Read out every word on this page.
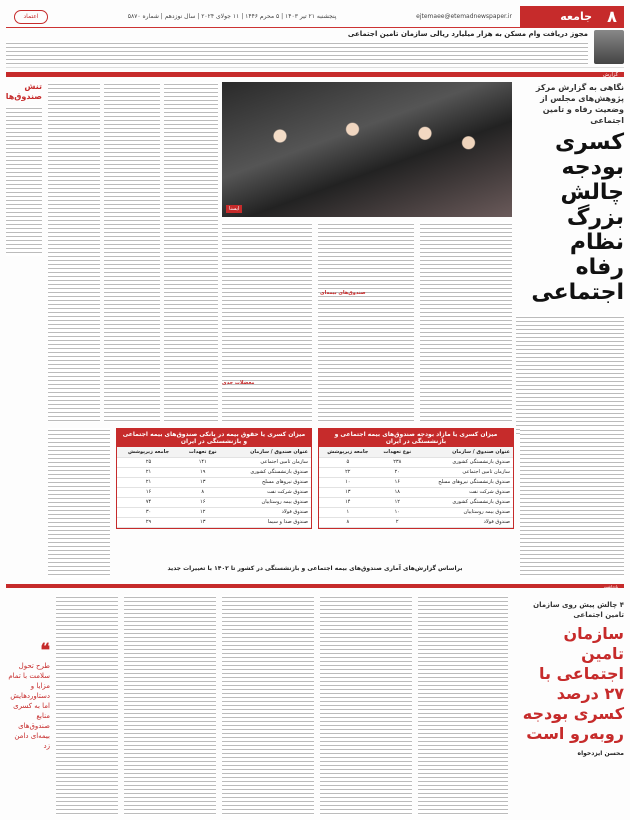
۸
جامعه
ejtemaee@etemadnewspaper.ir
پنجشنبه ۲۱ تیر ۱۴۰۳ | ۵ محرم ۱۴۴۶ | ۱۱ جولای ۲۰۲۴ | سال نوزدهم | شماره ۵۸۷۰
اعتماد
مجوز دریافت وام مسکن به هزار میلیارد ریالی سازمان تامین اجتماعی
گزارش
ایسنا
نگاهی به گزارش مرکز پژوهش‌های مجلس از وضعیت رفاه و تامین اجتماعی
کسری بودجه چالش بزرگ نظام رفاه اجتماعی
تنش صندوق‌ها
میزان کسری یا مازاد بودجه صندوق‌های بیمه اجتماعی و بازنشستگی در ایران
عنوان صندوق / سازمان	نوع تعهدات	جامعه زیرپوشش
صندوق بازنشستگی کشوری	۲۳۸	۵
سازمان تامین اجتماعی	۲۰	۲۲
صندوق بازنشستگی نیروهای مسلح	۱۶	۱۰
صندوق شرکت نفت	۱۸	۱۳
صندوق بازنشستگی کشوری	۱۲	۱۴
صندوق بیمه روستاییان	۱۰	۱
صندوق فولاد	۲	۸
میزان کسری یا حقوق بیمه در بانکی صندوق‌های بیمه اجتماعی و بازنشستگی در ایران
عنوان صندوق / سازمان	نوع تعهدات	جامعه زیرپوشش
سازمان تامین اجتماعی	۱۴۱	۲۵
صندوق بازنشستگی کشوری	۱۹	۲۱
صندوق نیروهای مسلح	۱۳	۲۱
صندوق شرکت نفت	۸	۱۶
صندوق بیمه روستاییان	۱۶	۷۴
صندوق فولاد	۱۲	۳۰
صندوق صدا و سیما	۱۳	۲۹
براساس گزارش‌های آماری صندوق‌های بیمه اجتماعی و بازنشستگی در کشور تا ۱۴۰۲ با تغییرات جدید
یادداشت
۴ چالش پیش روی سازمان تامین اجتماعی
سازمان تامین اجتماعی با ۲۷ درصد کسری بودجه روبه‌رو است
محسن ایزدخواه
❝
طرح تحول سلامت با تمام مزایا و دستاوردهایش اما به کسری منابع صندوق‌های بیمه‌ای دامن زد
صندوق‌های بیمه‌ای
معضلات جدی
